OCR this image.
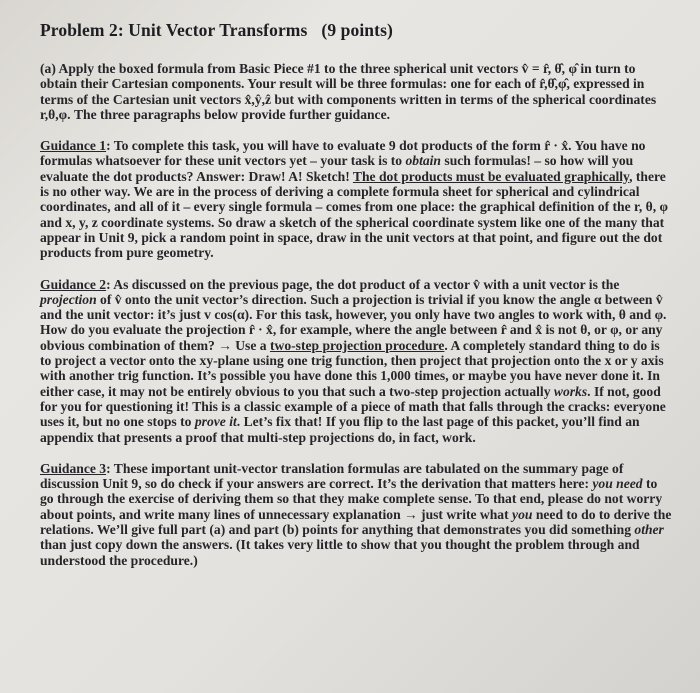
Problem 2: Unit Vector Transforms (9 points)

(a) Apply the boxed formula from Basic Piece #1 to the three spherical unit vectors v̂ = r̂, θ̂, φ̂ in turn to obtain their Cartesian components. Your result will be three formulas: one for each of r̂,θ̂,φ̂, expressed in terms of the Cartesian unit vectors x̂,ŷ,ẑ but with components written in terms of the spherical coordinates r,θ,φ. The three paragraphs below provide further guidance.

Guidance 1: To complete this task, you will have to evaluate 9 dot products of the form r̂ · x̂. You have no formulas whatsoever for these unit vectors yet – your task is to obtain such formulas! – so how will you evaluate the dot products? Answer: Draw! A! Sketch! The dot products must be evaluated graphically, there is no other way. We are in the process of deriving a complete formula sheet for spherical and cylindrical coordinates, and all of it – every single formula – comes from one place: the graphical definition of the r, θ, φ and x, y, z coordinate systems. So draw a sketch of the spherical coordinate system like one of the many that appear in Unit 9, pick a random point in space, draw in the unit vectors at that point, and figure out the dot products from pure geometry.

Guidance 2: As discussed on the previous page, the dot product of a vector v̂ with a unit vector is the projection of v̂ onto the unit vector’s direction. Such a projection is trivial if you know the angle α between v̂ and the unit vector: it’s just v cos(α). For this task, however, you only have two angles to work with, θ and φ. How do you evaluate the projection r̂ · x̂, for example, where the angle between r̂ and x̂ is not θ, or φ, or any obvious combination of them? → Use a two-step projection procedure. A completely standard thing to do is to project a vector onto the xy-plane using one trig function, then project that projection onto the x or y axis with another trig function. It’s possible you have done this 1,000 times, or maybe you have never done it. In either case, it may not be entirely obvious to you that such a two-step projection actually works. If not, good for you for questioning it! This is a classic example of a piece of math that falls through the cracks: everyone uses it, but no one stops to prove it. Let’s fix that! If you flip to the last page of this packet, you’ll find an appendix that presents a proof that multi-step projections do, in fact, work.

Guidance 3: These important unit-vector translation formulas are tabulated on the summary page of discussion Unit 9, so do check if your answers are correct. It’s the derivation that matters here: you need to go through the exercise of deriving them so that they make complete sense. To that end, please do not worry about points, and write many lines of unnecessary explanation → just write what you need to do to derive the relations. We’ll give full part (a) and part (b) points for anything that demonstrates you did something other than just copy down the answers. (It takes very little to show that you thought the problem through and understood the procedure.)
